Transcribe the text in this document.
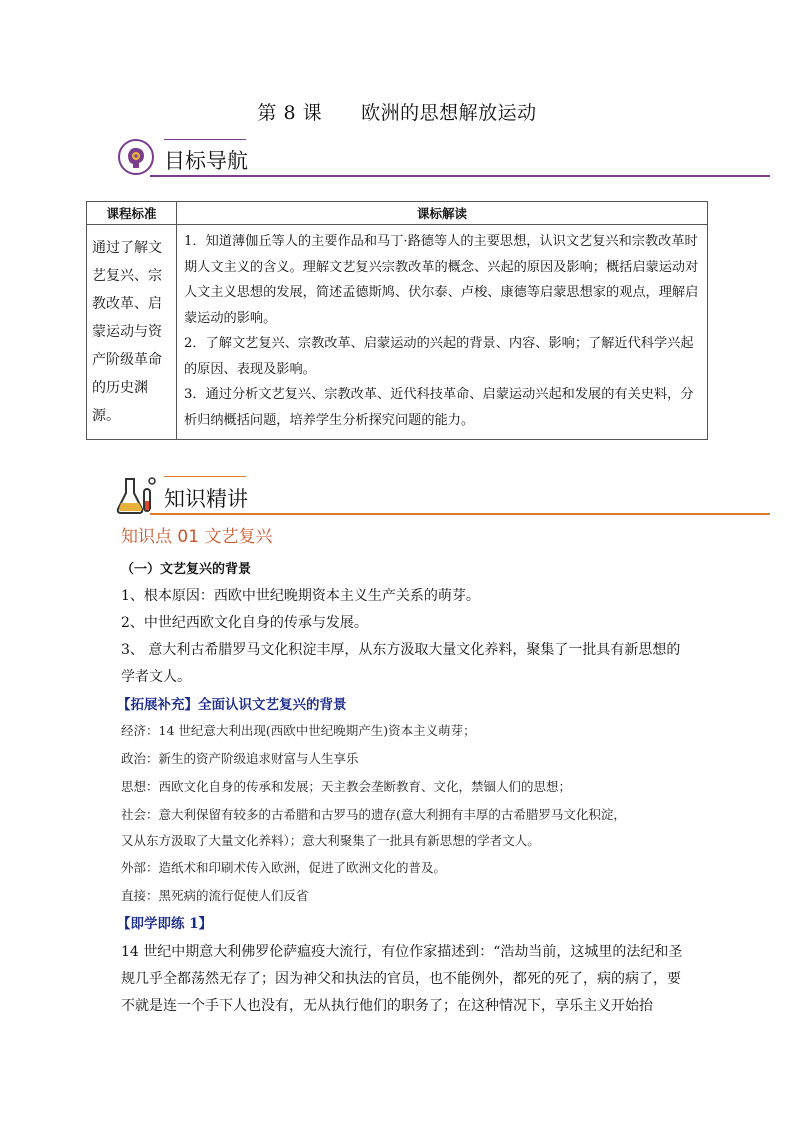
第 8 课　　欧洲的思想解放运动
目标导航
课程标准	课标解读
通过了解文艺复兴、宗教改革、启蒙运动与资产阶级革命的历史渊源。	1．知道薄伽丘等人的主要作品和马丁·路德等人的主要思想，认识文艺复兴和宗教改革时期人文主义的含义。理解文艺复兴宗教改革的概念、兴起的原因及影响；概括启蒙运动对人文主义思想的发展，简述孟德斯鸠、伏尔泰、卢梭、康德等启蒙思想家的观点，理解启蒙运动的影响。
2．了解文艺复兴、宗教改革、启蒙运动的兴起的背景、内容、影响；了解近代科学兴起的原因、表现及影响。
3．通过分析文艺复兴、宗教改革、近代科技革命、启蒙运动兴起和发展的有关史料，分析归纳概括问题，培养学生分析探究问题的能力。
知识精讲
知识点 01 文艺复兴
（一）文艺复兴的背景
1、根本原因：西欧中世纪晚期资本主义生产关系的萌芽。
2、中世纪西欧文化自身的传承与发展。
3、 意大利古希腊罗马文化积淀丰厚，从东方汲取大量文化养料，聚集了一批具有新思想的
学者文人。
【拓展补充】全面认识文艺复兴的背景
经济：14 世纪意大利出现(西欧中世纪晚期产生)资本主义萌芽；
政治：新生的资产阶级追求财富与人生享乐
思想：西欧文化自身的传承和发展；天主教会垄断教育、文化，禁锢人们的思想；
社会：意大利保留有较多的古希腊和古罗马的遗存(意大利拥有丰厚的古希腊罗马文化积淀，
又从东方汲取了大量文化养料）；意大利聚集了一批具有新思想的学者文人。
外部：造纸术和印刷术传入欧洲，促进了欧洲文化的普及。
直接：黑死病的流行促使人们反省
【即学即练 1】
14 世纪中期意大利佛罗伦萨瘟疫大流行，有位作家描述到：“浩劫当前，这城里的法纪和圣
规几乎全都荡然无存了；因为神父和执法的官员，也不能例外，都死的死了，病的病了，要
不就是连一个手下人也没有，无从执行他们的职务了；在这种情况下，享乐主义开始抬
